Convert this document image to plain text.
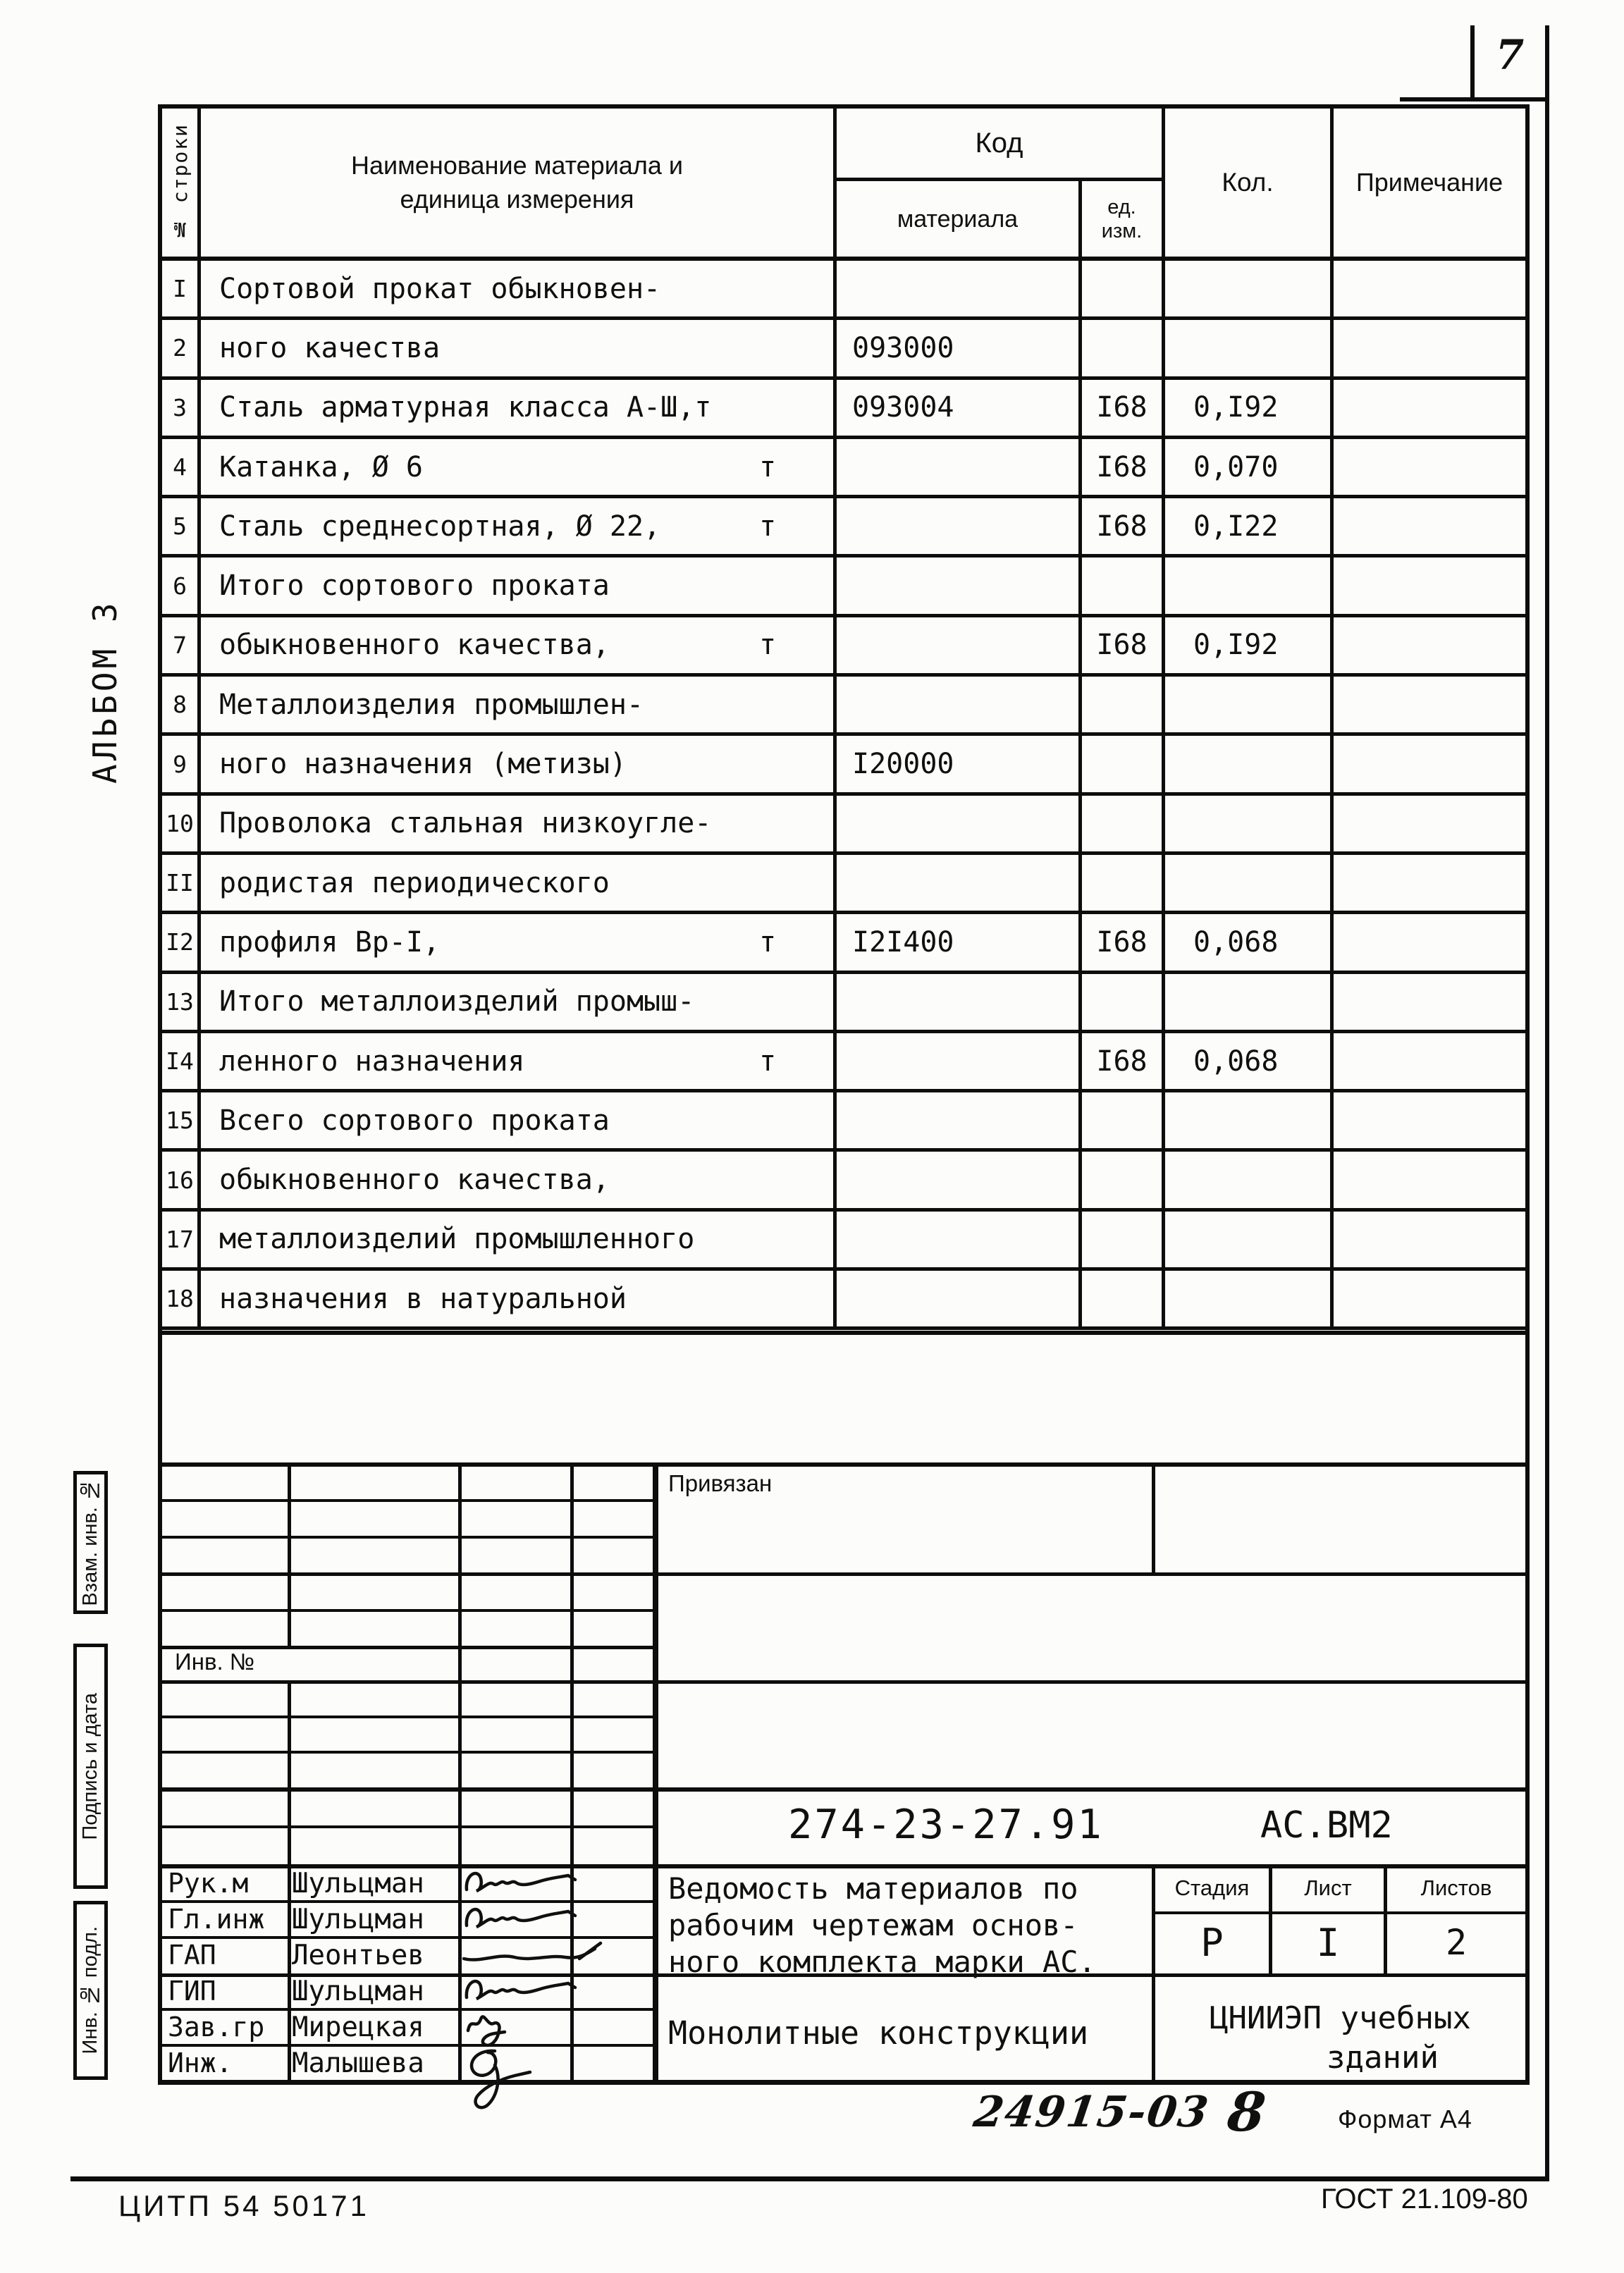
7
АЛЬБОМ 3
№ строки	Наименование материала и
единица измерения
Код
материала	ед.
изм.
Кол.	Примечание
I	Сортовой прокат обыкновен-
2	ного качества	093000
3	Сталь арматурная класса А-Ш,т	093004	I68	0,I92
4	Катанка, Ø 6	т	I68	0,070
5	Сталь среднесортная, Ø 22,	т	I68	0,I22
6	Итого сортового проката
7	обыкновенного качества,	т	I68	0,I92
8	Металлоизделия промышлен-
9	ного назначения (метизы)	I20000
10 Проволока стальная низкоугле-
II родистая периодического
I2 профиля Вр-I,	т	I2I400	I68	0,068
13 Итого металлоизделий промыш-
I4 ленного назначения	т	I68	0,068
15 Всего сортового проката
16 обыкновенного качества,
17 металлоизделий промышленного
18 назначения в натуральной
Взам. инв. №
Подпись и дата
Инв. № подл.
Привязан
Инв. №
274-23-27.91	АС.ВМ2
Ведомость материалов по
рабочим чертежам основ-
ного комплекта марки АС.
Стадия	Лист	Листов
Р I	2
Монолитные конструкции	ЦНИИЭП учебных
зданий
Рук.м Шульцман
Гл.инж Шульцман
ГАП	Леонтьев
ГИП	Шульцман
Зав.гр Мирецкая
Инж. Малышева
24915-03 8	Формат А4
ЦИТП 54 50171	ГОСТ 21.109-80
